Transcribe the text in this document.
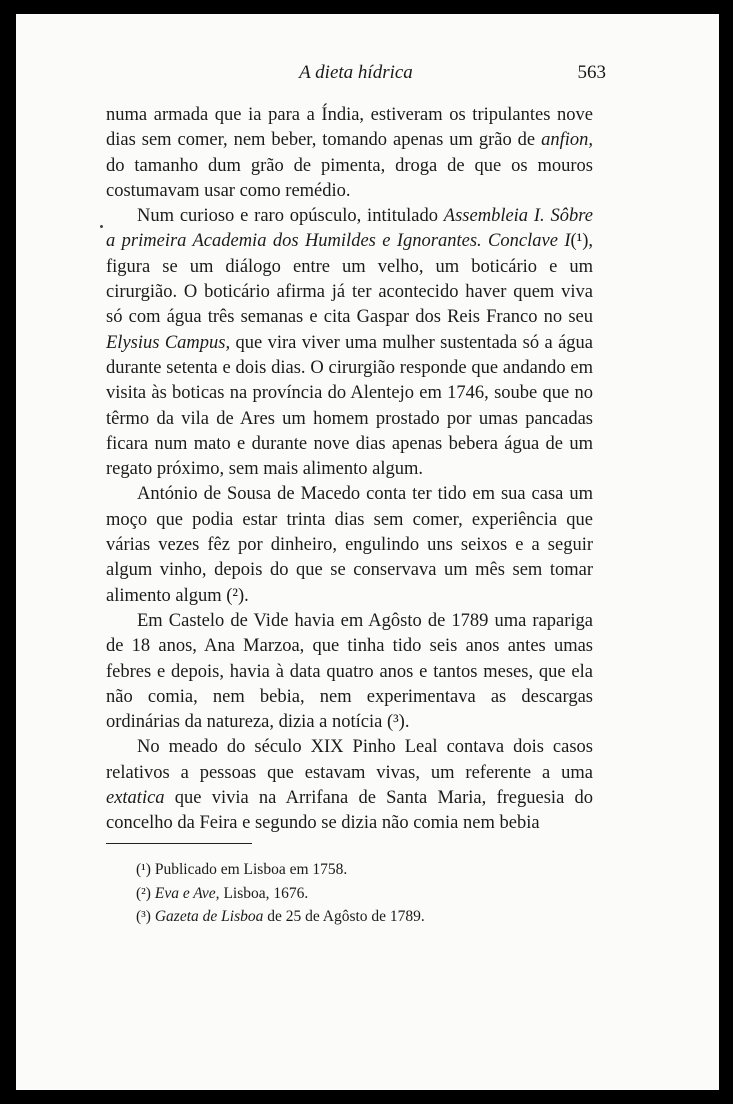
A dieta hídrica	563

numa armada que ia para a Índia, estiveram os tripulantes nove dias sem comer, nem beber, tomando apenas um grão de anfion, do tamanho dum grão de pimenta, droga de que os mouros costumavam usar como remédio.

Num curioso e raro opúsculo, intitulado Assembleia I. Sôbre a primeira Academia dos Humildes e Ignorantes. Conclave I(¹), figura se um diálogo entre um velho, um boticário e um cirurgião. O boticário afirma já ter acontecido haver quem viva só com água três semanas e cita Gaspar dos Reis Franco no seu Elysius Campus, que vira viver uma mulher sustentada só a água durante setenta e dois dias. O cirurgião responde que andando em visita às boticas na província do Alentejo em 1746, soube que no têrmo da vila de Ares um homem prostado por umas pancadas ficara num mato e durante nove dias apenas bebera água de um regato próximo, sem mais alimento algum.

António de Sousa de Macedo conta ter tido em sua casa um moço que podia estar trinta dias sem comer, experiência que várias vezes fêz por dinheiro, engulindo uns seixos e a seguir algum vinho, depois do que se conservava um mês sem tomar alimento algum (²).

Em Castelo de Vide havia em Agôsto de 1789 uma rapariga de 18 anos, Ana Marzoa, que tinha tido seis anos antes umas febres e depois, havia à data quatro anos e tantos meses, que ela não comia, nem bebia, nem experimentava as descargas ordinárias da natureza, dizia a notícia (³).

No meado do século XIX Pinho Leal contava dois casos relativos a pessoas que estavam vivas, um referente a uma extatica que vivia na Arrifana de Santa Maria, freguesia do concelho da Feira e segundo se dizia não comia nem bebia

(¹) Publicado em Lisboa em 1758.
(²) Eva e Ave, Lisboa, 1676.
(³) Gazeta de Lisboa de 25 de Agôsto de 1789.
